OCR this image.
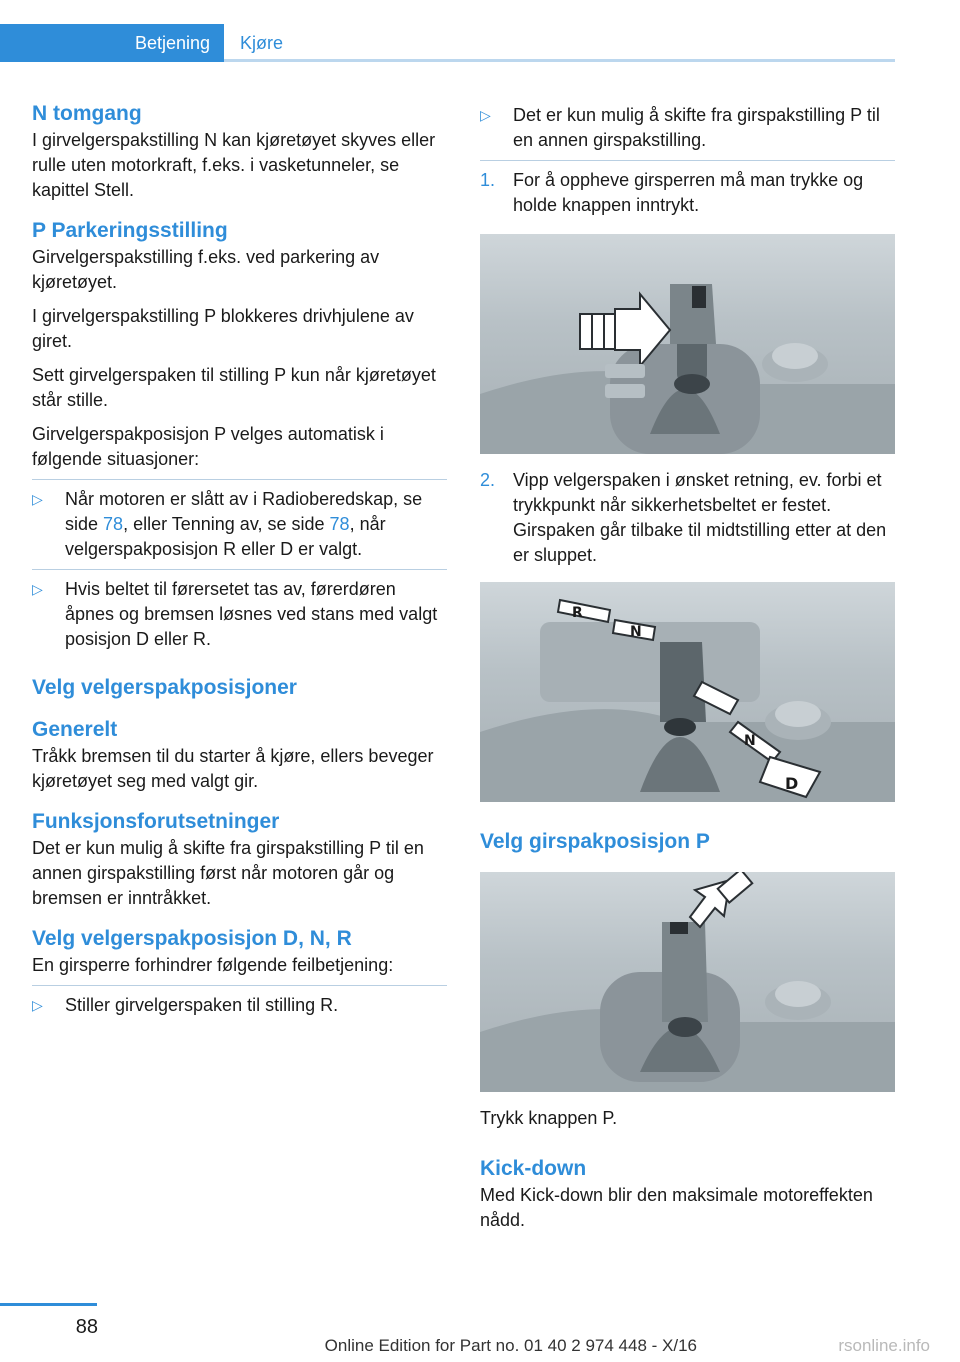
Betjening Kjøre
N tomgang

I girvelgerspakstilling N kan kjøretøyet skyves eller rulle uten motorkraft, f.eks. i vasketunneler, se kapittel Stell.

P Parkeringsstilling

Girvelgerspakstilling f.eks. ved parkering av kjøretøyet.

I girvelgerspakstilling P blokkeres drivhjulene av giret.

Sett girvelgerspaken til stilling P kun når kjøretøyet står stille.

Girvelgerspakposisjon P velges automatisk i følgende situasjoner:

▷ Når motoren er slått av i Radioberedskap, se side 78, eller Tenning av, se side 78, når velgerspakposisjon R eller D er valgt.
▷ Hvis beltet til førersetet tas av, førerdøren åpnes og bremsen løsnes ved stans med valgt posisjon D eller R.
Velg velgerspakposisjoner
Generelt

Tråkk bremsen til du starter å kjøre, ellers beveger kjøretøyet seg med valgt gir.

Funksjonsforutsetninger

Det er kun mulig å skifte fra girspakstilling P til en annen girspakstilling først når motoren går og bremsen er inntråkket.

Velg velgerspakposisjon D, N, R

En girsperre forhindrer følgende feilbetjening:

▷ Stiller girvelgerspaken til stilling R.
▷ Det er kun mulig å skifte fra girspakstilling P til en annen girspakstilling.
1. For å oppheve girsperren må man trykke og holde knappen inntrykt.
2. Vipp velgerspaken i ønsket retning, ev. forbi et trykkpunkt når sikkerhetsbeltet er festet. Girspaken går tilbake til midtstilling etter at den er sluppet.
R
N
N
D
Velg girspakposisjon P

Trykk knappen P.

Kick-down

Med Kick-down blir den maksimale motoreffekten nådd.

88
Online Edition for Part no. 01 40 2 974 448 - X/16	rsonline.info
